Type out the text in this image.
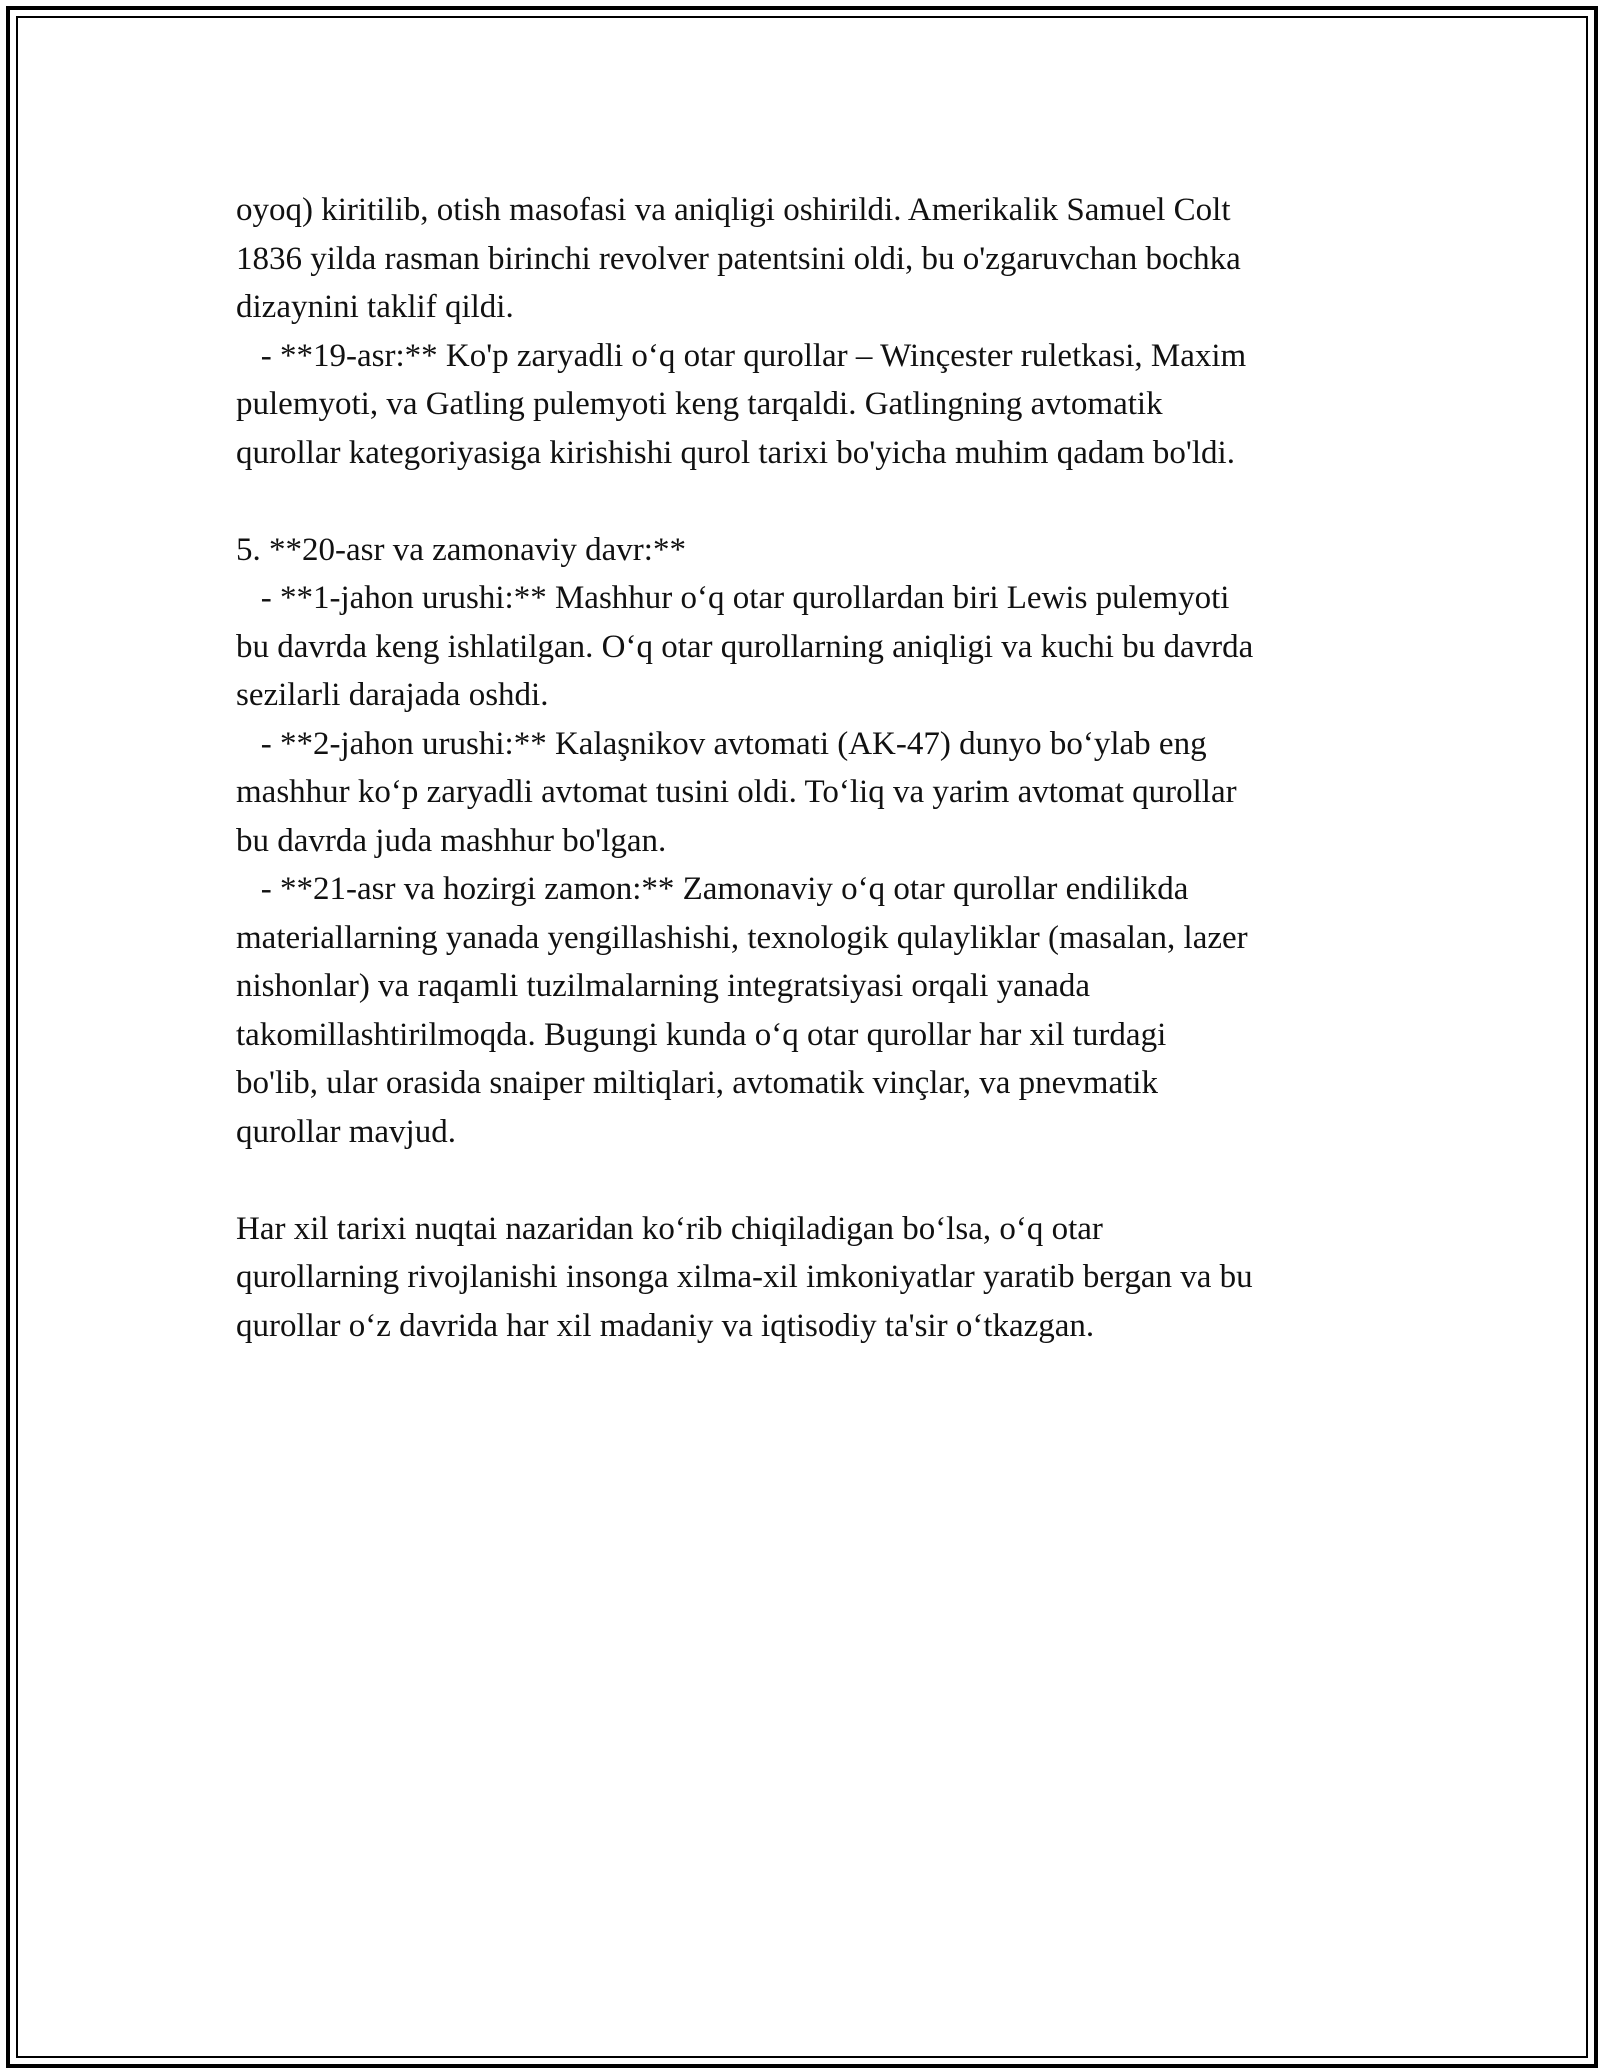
oyoq) kiritilib, otish masofasi va aniqligi oshirildi. Amerikalik Samuel Colt
1836 yilda rasman birinchi revolver patentsini oldi, bu o'zgaruvchan bochka
dizaynini taklif qildi.
- **19-asr:** Ko'p zaryadli oʻq otar qurollar – Winçester ruletkasi, Maxim
pulemyoti, va Gatling pulemyoti keng tarqaldi. Gatlingning avtomatik
qurollar kategoriyasiga kirishishi qurol tarixi bo'yicha muhim qadam bo'ldi.
5. **20-asr va zamonaviy davr:**
- **1-jahon urushi:** Mashhur oʻq otar qurollardan biri Lewis pulemyoti
bu davrda keng ishlatilgan. Oʻq otar qurollarning aniqligi va kuchi bu davrda
sezilarli darajada oshdi.
- **2-jahon urushi:** Kalaşnikov avtomati (AK-47) dunyo boʻylab eng
mashhur koʻp zaryadli avtomat tusini oldi. Toʻliq va yarim avtomat qurollar
bu davrda juda mashhur bo'lgan.
- **21-asr va hozirgi zamon:** Zamonaviy oʻq otar qurollar endilikda
materiallarning yanada yengillashishi, texnologik qulayliklar (masalan, lazer
nishonlar) va raqamli tuzilmalarning integratsiyasi orqali yanada
takomillashtirilmoqda. Bugungi kunda oʻq otar qurollar har xil turdagi
bo'lib, ular orasida snaiper miltiqlari, avtomatik vinçlar, va pnevmatik
qurollar mavjud.
Har xil tarixi nuqtai nazaridan koʻrib chiqiladigan boʻlsa, oʻq otar
qurollarning rivojlanishi insonga xilma-xil imkoniyatlar yaratib bergan va bu
qurollar oʻz davrida har xil madaniy va iqtisodiy ta'sir oʻtkazgan.
